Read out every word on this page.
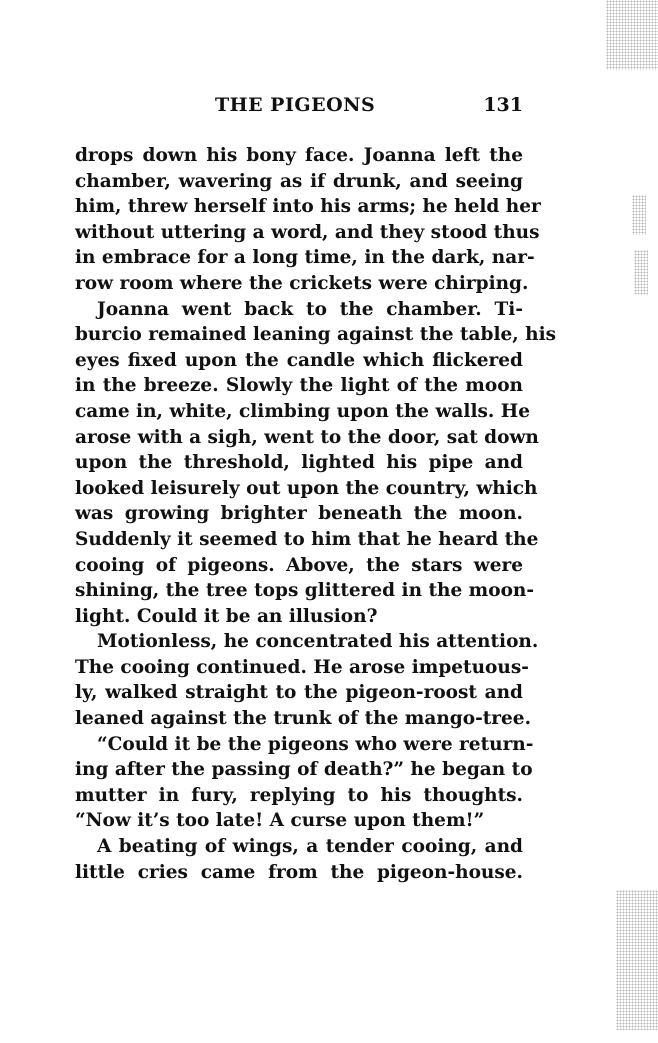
THE PIGEONS	131
drops down his bony face. Joanna left the
chamber, wavering as if drunk, and seeing
him, threw herself into his arms; he held her
without uttering a word, and they stood thus
in embrace for a long time, in the dark, nar-
row room where the crickets were chirping.
Joanna went back to the chamber. Ti-
burcio remained leaning against the table, his
eyes fixed upon the candle which flickered
in the breeze. Slowly the light of the moon
came in, white, climbing upon the walls. He
arose with a sigh, went to the door, sat down
upon the threshold, lighted his pipe and
looked leisurely out upon the country, which
was growing brighter beneath the moon.
Suddenly it seemed to him that he heard the
cooing of pigeons. Above, the stars were
shining, the tree tops glittered in the moon-
light. Could it be an illusion?
Motionless, he concentrated his attention.
The cooing continued. He arose impetuous-
ly, walked straight to the pigeon-roost and
leaned against the trunk of the mango-tree.
“Could it be the pigeons who were return-
ing after the passing of death?” he began to
mutter in fury, replying to his thoughts.
“Now it’s too late! A curse upon them!”
A beating of wings, a tender cooing, and
little cries came from the pigeon-house.
